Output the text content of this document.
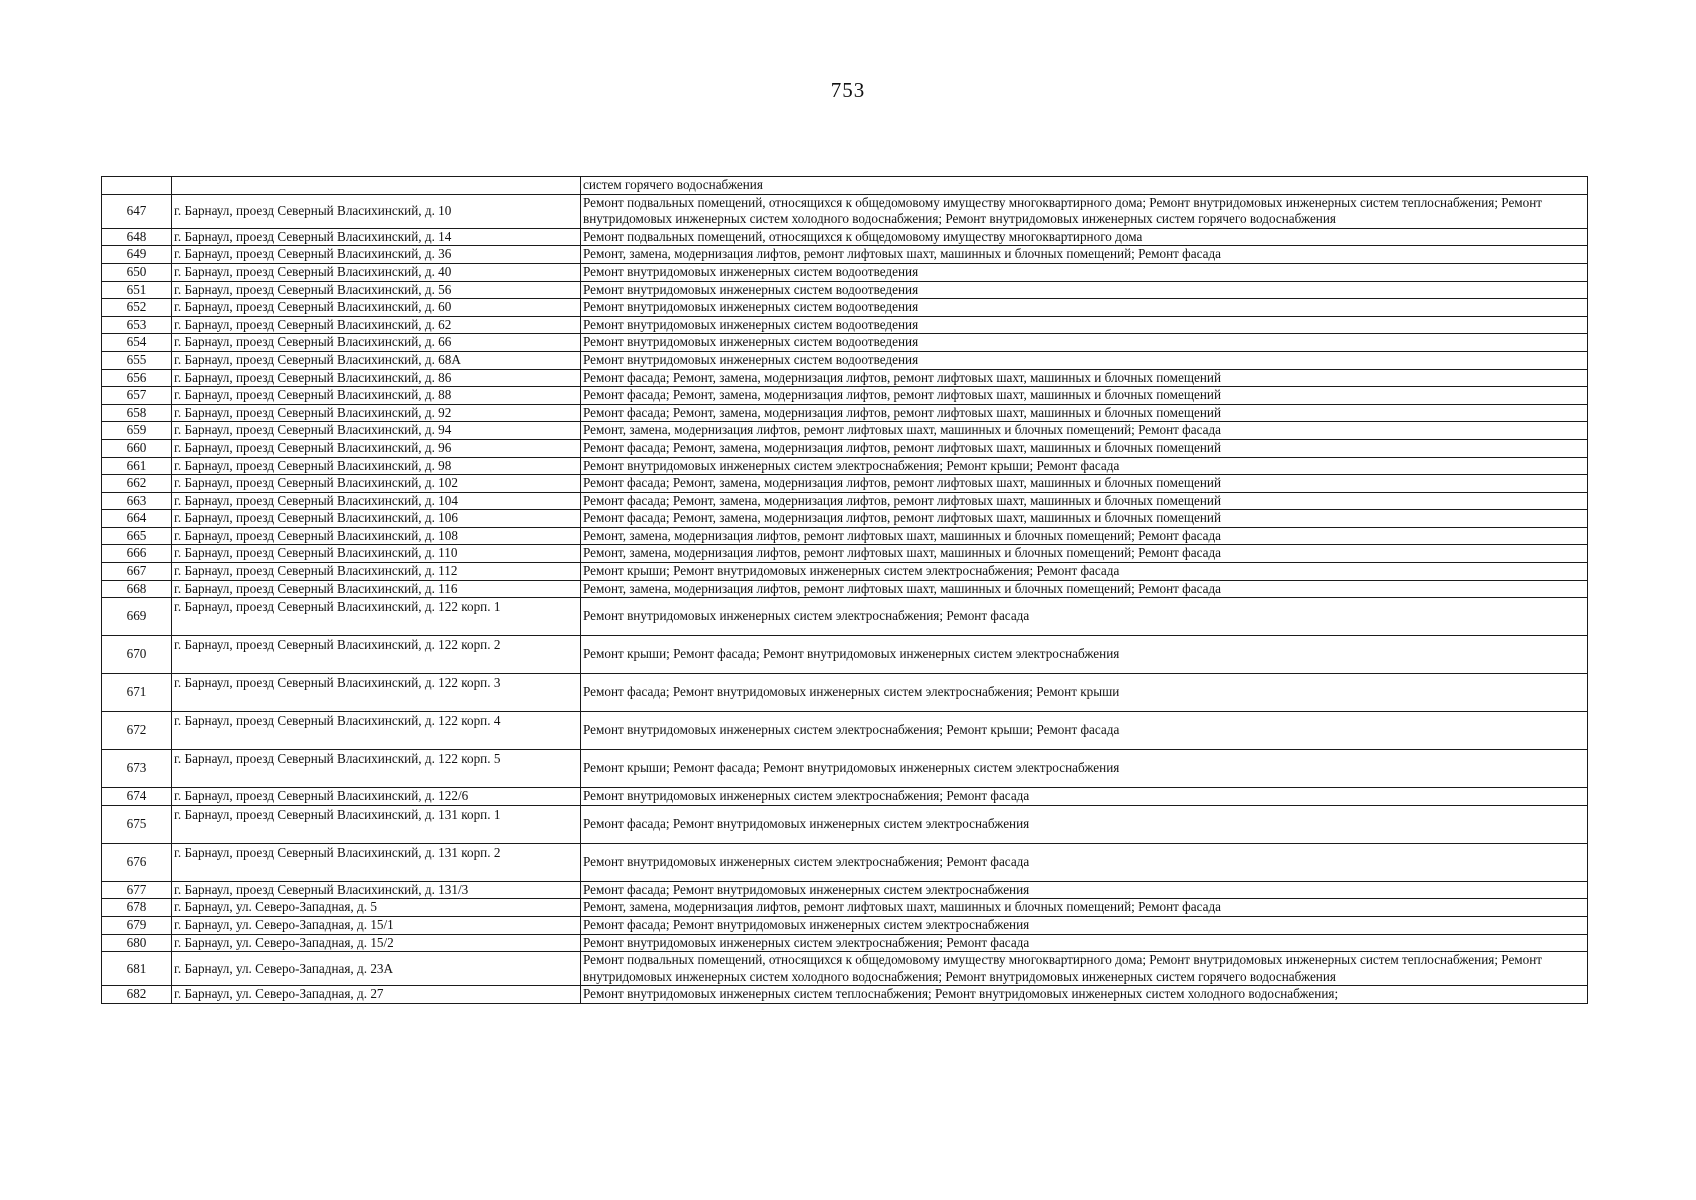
753
		систем горячего водоснабжения
647	г. Барнаул, проезд Северный Власихинский, д. 10	Ремонт подвальных помещений, относящихся к общедомовому имуществу многоквартирного дома; Ремонт внутридомовых инженерных систем теплоснабжения; Ремонт внутридомовых инженерных систем холодного водоснабжения; Ремонт внутридомовых инженерных систем горячего водоснабжения
648	г. Барнаул, проезд Северный Власихинский, д. 14	Ремонт подвальных помещений, относящихся к общедомовому имуществу многоквартирного дома
649	г. Барнаул, проезд Северный Власихинский, д. 36	Ремонт, замена, модернизация лифтов, ремонт лифтовых шахт, машинных и блочных помещений; Ремонт фасада
650	г. Барнаул, проезд Северный Власихинский, д. 40	Ремонт внутридомовых инженерных систем водоотведения
651	г. Барнаул, проезд Северный Власихинский, д. 56	Ремонт внутридомовых инженерных систем водоотведения
652	г. Барнаул, проезд Северный Власихинский, д. 60	Ремонт внутридомовых инженерных систем водоотведения
653	г. Барнаул, проезд Северный Власихинский, д. 62	Ремонт внутридомовых инженерных систем водоотведения
654	г. Барнаул, проезд Северный Власихинский, д. 66	Ремонт внутридомовых инженерных систем водоотведения
655	г. Барнаул, проезд Северный Власихинский, д. 68А	Ремонт внутридомовых инженерных систем водоотведения
656	г. Барнаул, проезд Северный Власихинский, д. 86	Ремонт фасада; Ремонт, замена, модернизация лифтов, ремонт лифтовых шахт, машинных и блочных помещений
657	г. Барнаул, проезд Северный Власихинский, д. 88	Ремонт фасада; Ремонт, замена, модернизация лифтов, ремонт лифтовых шахт, машинных и блочных помещений
658	г. Барнаул, проезд Северный Власихинский, д. 92	Ремонт фасада; Ремонт, замена, модернизация лифтов, ремонт лифтовых шахт, машинных и блочных помещений
659	г. Барнаул, проезд Северный Власихинский, д. 94	Ремонт, замена, модернизация лифтов, ремонт лифтовых шахт, машинных и блочных помещений; Ремонт фасада
660	г. Барнаул, проезд Северный Власихинский, д. 96	Ремонт фасада; Ремонт, замена, модернизация лифтов, ремонт лифтовых шахт, машинных и блочных помещений
661	г. Барнаул, проезд Северный Власихинский, д. 98	Ремонт внутридомовых инженерных систем электроснабжения; Ремонт крыши; Ремонт фасада
662	г. Барнаул, проезд Северный Власихинский, д. 102	Ремонт фасада; Ремонт, замена, модернизация лифтов, ремонт лифтовых шахт, машинных и блочных помещений
663	г. Барнаул, проезд Северный Власихинский, д. 104	Ремонт фасада; Ремонт, замена, модернизация лифтов, ремонт лифтовых шахт, машинных и блочных помещений
664	г. Барнаул, проезд Северный Власихинский, д. 106	Ремонт фасада; Ремонт, замена, модернизация лифтов, ремонт лифтовых шахт, машинных и блочных помещений
665	г. Барнаул, проезд Северный Власихинский, д. 108	Ремонт, замена, модернизация лифтов, ремонт лифтовых шахт, машинных и блочных помещений; Ремонт фасада
666	г. Барнаул, проезд Северный Власихинский, д. 110	Ремонт, замена, модернизация лифтов, ремонт лифтовых шахт, машинных и блочных помещений; Ремонт фасада
667	г. Барнаул, проезд Северный Власихинский, д. 112	Ремонт крыши; Ремонт внутридомовых инженерных систем электроснабжения; Ремонт фасада
668	г. Барнаул, проезд Северный Власихинский, д. 116	Ремонт, замена, модернизация лифтов, ремонт лифтовых шахт, машинных и блочных помещений; Ремонт фасада
669	г. Барнаул, проезд Северный Власихинский, д. 122 корп. 1	Ремонт внутридомовых инженерных систем электроснабжения; Ремонт фасада
670	г. Барнаул, проезд Северный Власихинский, д. 122 корп. 2	Ремонт крыши; Ремонт фасада; Ремонт внутридомовых инженерных систем электроснабжения
671	г. Барнаул, проезд Северный Власихинский, д. 122 корп. 3	Ремонт фасада; Ремонт внутридомовых инженерных систем электроснабжения; Ремонт крыши
672	г. Барнаул, проезд Северный Власихинский, д. 122 корп. 4	Ремонт внутридомовых инженерных систем электроснабжения; Ремонт крыши; Ремонт фасада
673	г. Барнаул, проезд Северный Власихинский, д. 122 корп. 5	Ремонт крыши; Ремонт фасада; Ремонт внутридомовых инженерных систем электроснабжения
674	г. Барнаул, проезд Северный Власихинский, д. 122/6	Ремонт внутридомовых инженерных систем электроснабжения; Ремонт фасада
675	г. Барнаул, проезд Северный Власихинский, д. 131 корп. 1	Ремонт фасада; Ремонт внутридомовых инженерных систем электроснабжения
676	г. Барнаул, проезд Северный Власихинский, д. 131 корп. 2	Ремонт внутридомовых инженерных систем электроснабжения; Ремонт фасада
677	г. Барнаул, проезд Северный Власихинский, д. 131/3	Ремонт фасада; Ремонт внутридомовых инженерных систем электроснабжения
678	г. Барнаул, ул. Северо-Западная, д. 5	Ремонт, замена, модернизация лифтов, ремонт лифтовых шахт, машинных и блочных помещений; Ремонт фасада
679	г. Барнаул, ул. Северо-Западная, д. 15/1	Ремонт фасада; Ремонт внутридомовых инженерных систем электроснабжения
680	г. Барнаул, ул. Северо-Западная, д. 15/2	Ремонт внутридомовых инженерных систем электроснабжения; Ремонт фасада
681	г. Барнаул, ул. Северо-Западная, д. 23А	Ремонт подвальных помещений, относящихся к общедомовому имуществу многоквартирного дома; Ремонт внутридомовых инженерных систем теплоснабжения; Ремонт внутридомовых инженерных систем холодного водоснабжения; Ремонт внутридомовых инженерных систем горячего водоснабжения
682	г. Барнаул, ул. Северо-Западная, д. 27	Ремонт внутридомовых инженерных систем теплоснабжения; Ремонт внутридомовых инженерных систем холодного водоснабжения;
